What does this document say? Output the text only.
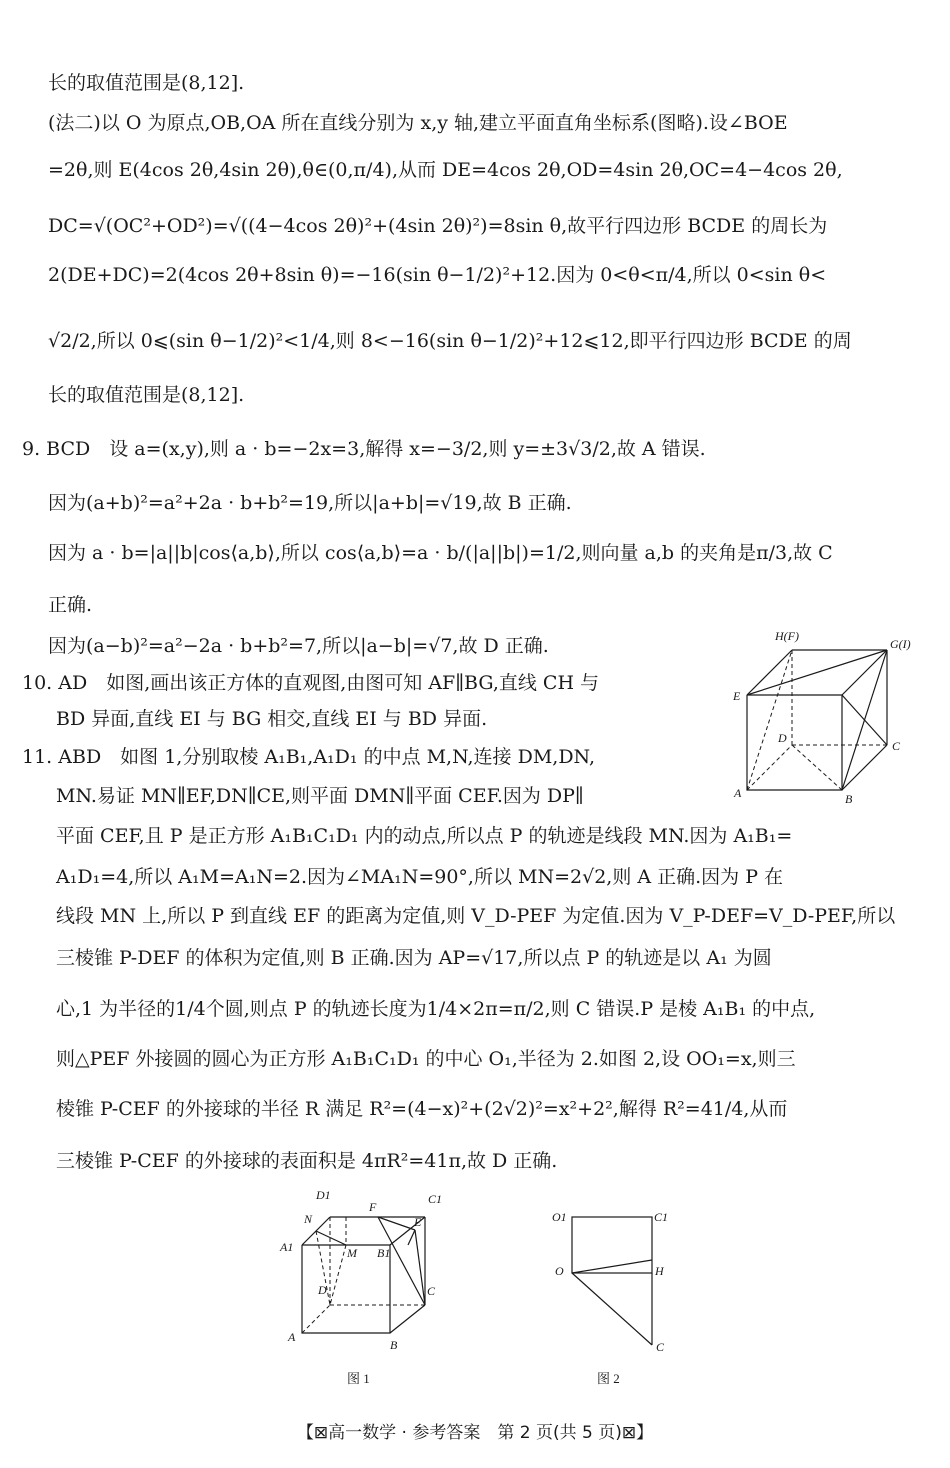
长的取值范围是(8,12].
(法二)以 O 为原点,OB,OA 所在直线分别为 x,y 轴,建立平面直角坐标系(图略).设∠BOE
=2θ,则 E(4cos 2θ,4sin 2θ),θ∈(0,π/4),从而 DE=4cos 2θ,OD=4sin 2θ,OC=4−4cos 2θ,
DC=√(OC²+OD²)=√((4−4cos 2θ)²+(4sin 2θ)²)=8sin θ,故平行四边形 BCDE 的周长为
2(DE+DC)=2(4cos 2θ+8sin θ)=−16(sin θ−1/2)²+12.因为 0<θ<π/4,所以 0<sin θ<
√2/2,所以 0⩽(sin θ−1/2)²<1/4,则 8<−16(sin θ−1/2)²+12⩽12,即平行四边形 BCDE 的周
长的取值范围是(8,12].
9. BCD　设 a=(x,y),则 a · b=−2x=3,解得 x=−3/2,则 y=±3√3/2,故 A 错误.
因为(a+b)²=a²+2a · b+b²=19,所以|a+b|=√19,故 B 正确.
因为 a · b=|a||b|cos⟨a,b⟩,所以 cos⟨a,b⟩=a · b/(|a||b|)=1/2,则向量 a,b 的夹角是π/3,故 C
正确.
因为(a−b)²=a²−2a · b+b²=7,所以|a−b|=√7,故 D 正确.
10. AD　如图,画出该正方体的直观图,由图可知 AF∥BG,直线 CH 与
BD 异面,直线 EI 与 BG 相交,直线 EI 与 BD 异面.
11. ABD　如图 1,分别取棱 A₁B₁,A₁D₁ 的中点 M,N,连接 DM,DN,
MN.易证 MN∥EF,DN∥CE,则平面 DMN∥平面 CEF.因为 DP∥
平面 CEF,且 P 是正方形 A₁B₁C₁D₁ 内的动点,所以点 P 的轨迹是线段 MN.因为 A₁B₁=
A₁D₁=4,所以 A₁M=A₁N=2.因为∠MA₁N=90°,所以 MN=2√2,则 A 正确.因为 P 在
线段 MN 上,所以 P 到直线 EF 的距离为定值,则 V_D-PEF 为定值.因为 V_P-DEF=V_D-PEF,所以
三棱锥 P-DEF 的体积为定值,则 B 正确.因为 AP=√17,所以点 P 的轨迹是以 A₁ 为圆
心,1 为半径的1/4个圆,则点 P 的轨迹长度为1/4×2π=π/2,则 C 错误.P 是棱 A₁B₁ 的中点,
则△PEF 外接圆的圆心为正方形 A₁B₁C₁D₁ 的中心 O₁,半径为 2.如图 2,设 OO₁=x,则三
棱锥 P-CEF 的外接球的半径 R 满足 R²=(4−x)²+(2√2)²=x²+2²,解得 R²=41/4,从而
三棱锥 P-CEF 的外接球的表面积是 4πR²=41π,故 D 正确.
H(F)
G(I)
E
D
C
A	B
D1	C1
F
N	E
A1	M B1
D	C
A
B
图 1
O1	C1
O	H
C
图 2
【⊠高一数学 · 参考答案　第 2 页(共 5 页)⊠】
